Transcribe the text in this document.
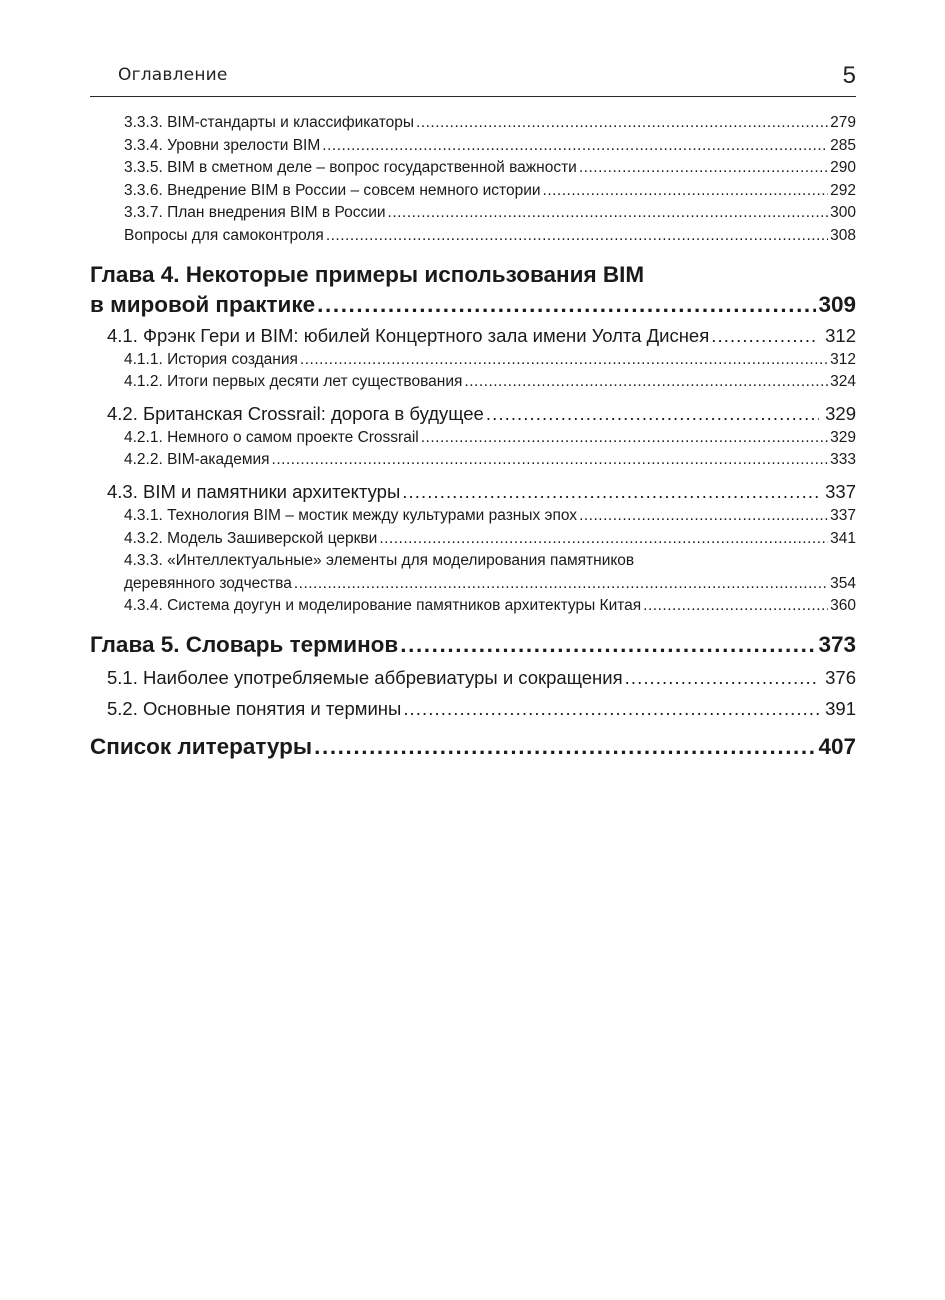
Оглавление	5
3.3.3. BIM-стандарты и классификаторы .....	279
3.3.4. Уровни зрелости BIM .....	285
3.3.5. BIM в сметном деле – вопрос государственной важности .....	290
3.3.6. Внедрение BIM в России – совсем немного истории .....	292
3.3.7. План внедрения BIM в России .....	300
Вопросы для самоконтроля .....	308
Глава 4. Некоторые примеры использования BIM
в мировой практике .....	309
4.1. Фрэнк Гери и BIM: юбилей Концертного зала имени Уолта Диснея .....	312
4.1.1. История создания .....	312
4.1.2. Итоги первых десяти лет существования .....	324
4.2. Британская Crossrail: дорога в будущее .....	329
4.2.1. Немного о самом проекте Crossrail .....	329
4.2.2. BIM-академия .....	333
4.3. BIM и памятники архитектуры .....	337
4.3.1. Технология BIM – мостик между культурами разных эпох .....	337
4.3.2. Модель Зашиверской церкви .....	341
4.3.3. «Интеллектуальные» элементы для моделирования памятников
деревянного зодчества .....	354
4.3.4. Система доугун и моделирование памятников архитектуры Китая .....	360
Глава 5. Словарь терминов .....	373
5.1. Наиболее употребляемые аббревиатуры и сокращения .....	376
5.2. Основные понятия и термины .....	391
Список литературы .....	407
